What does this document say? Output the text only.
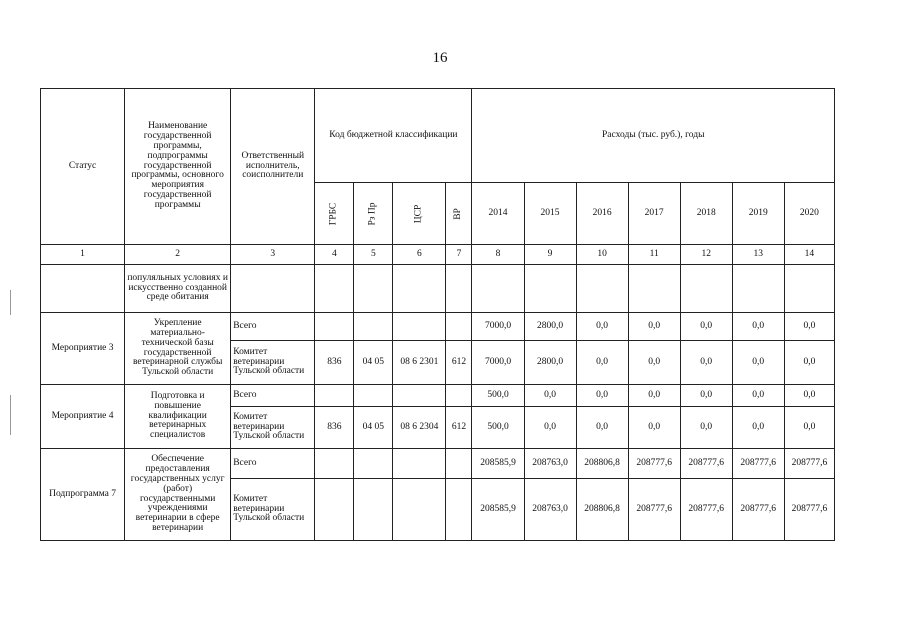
16
Статус	Наименование государственной программы, подпрограммы государственной программы, основного мероприятия государственной программы	Ответственный исполнитель, соисполнители	Код бюджетной классификации				Расходы (тыс. руб.), годы						
			ГРБС	Рз Пр	ЦСР	ВР	2014	2015	2016	2017	2018	2019	2020
1	2	3	4	5	6	7	8	9	10	11	12	13	14
	популяльных условиях и искусственно созданной среде обитания												
Мероприятие 3	Укрепление материально-технической базы государственной ветеринарной службы Тульской области	Всего					7000,0	2800,0	0,0	0,0	0,0	0,0	0,0
		Комитет ветеринарии Тульской области	836	04 05	08 6 2301	612	7000,0	2800,0	0,0	0,0	0,0	0,0	0,0
Мероприятие 4	Подготовка и повышение квалификации ветеринарных специалистов	Всего					500,0	0,0	0,0	0,0	0,0	0,0	0,0
		Комитет ветеринарии Тульской области	836	04 05	08 6 2304	612	500,0	0,0	0,0	0,0	0,0	0,0	0,0
Подпрограмма 7	Обеспечение предоставления государственных услуг (работ) государственными учреждениями ветеринарии в сфере ветеринарии	Всего					208585,9	208763,0	208806,8	208777,6	208777,6	208777,6	208777,6
		Комитет ветеринарии Тульской области					208585,9	208763,0	208806,8	208777,6	208777,6	208777,6	208777,6
